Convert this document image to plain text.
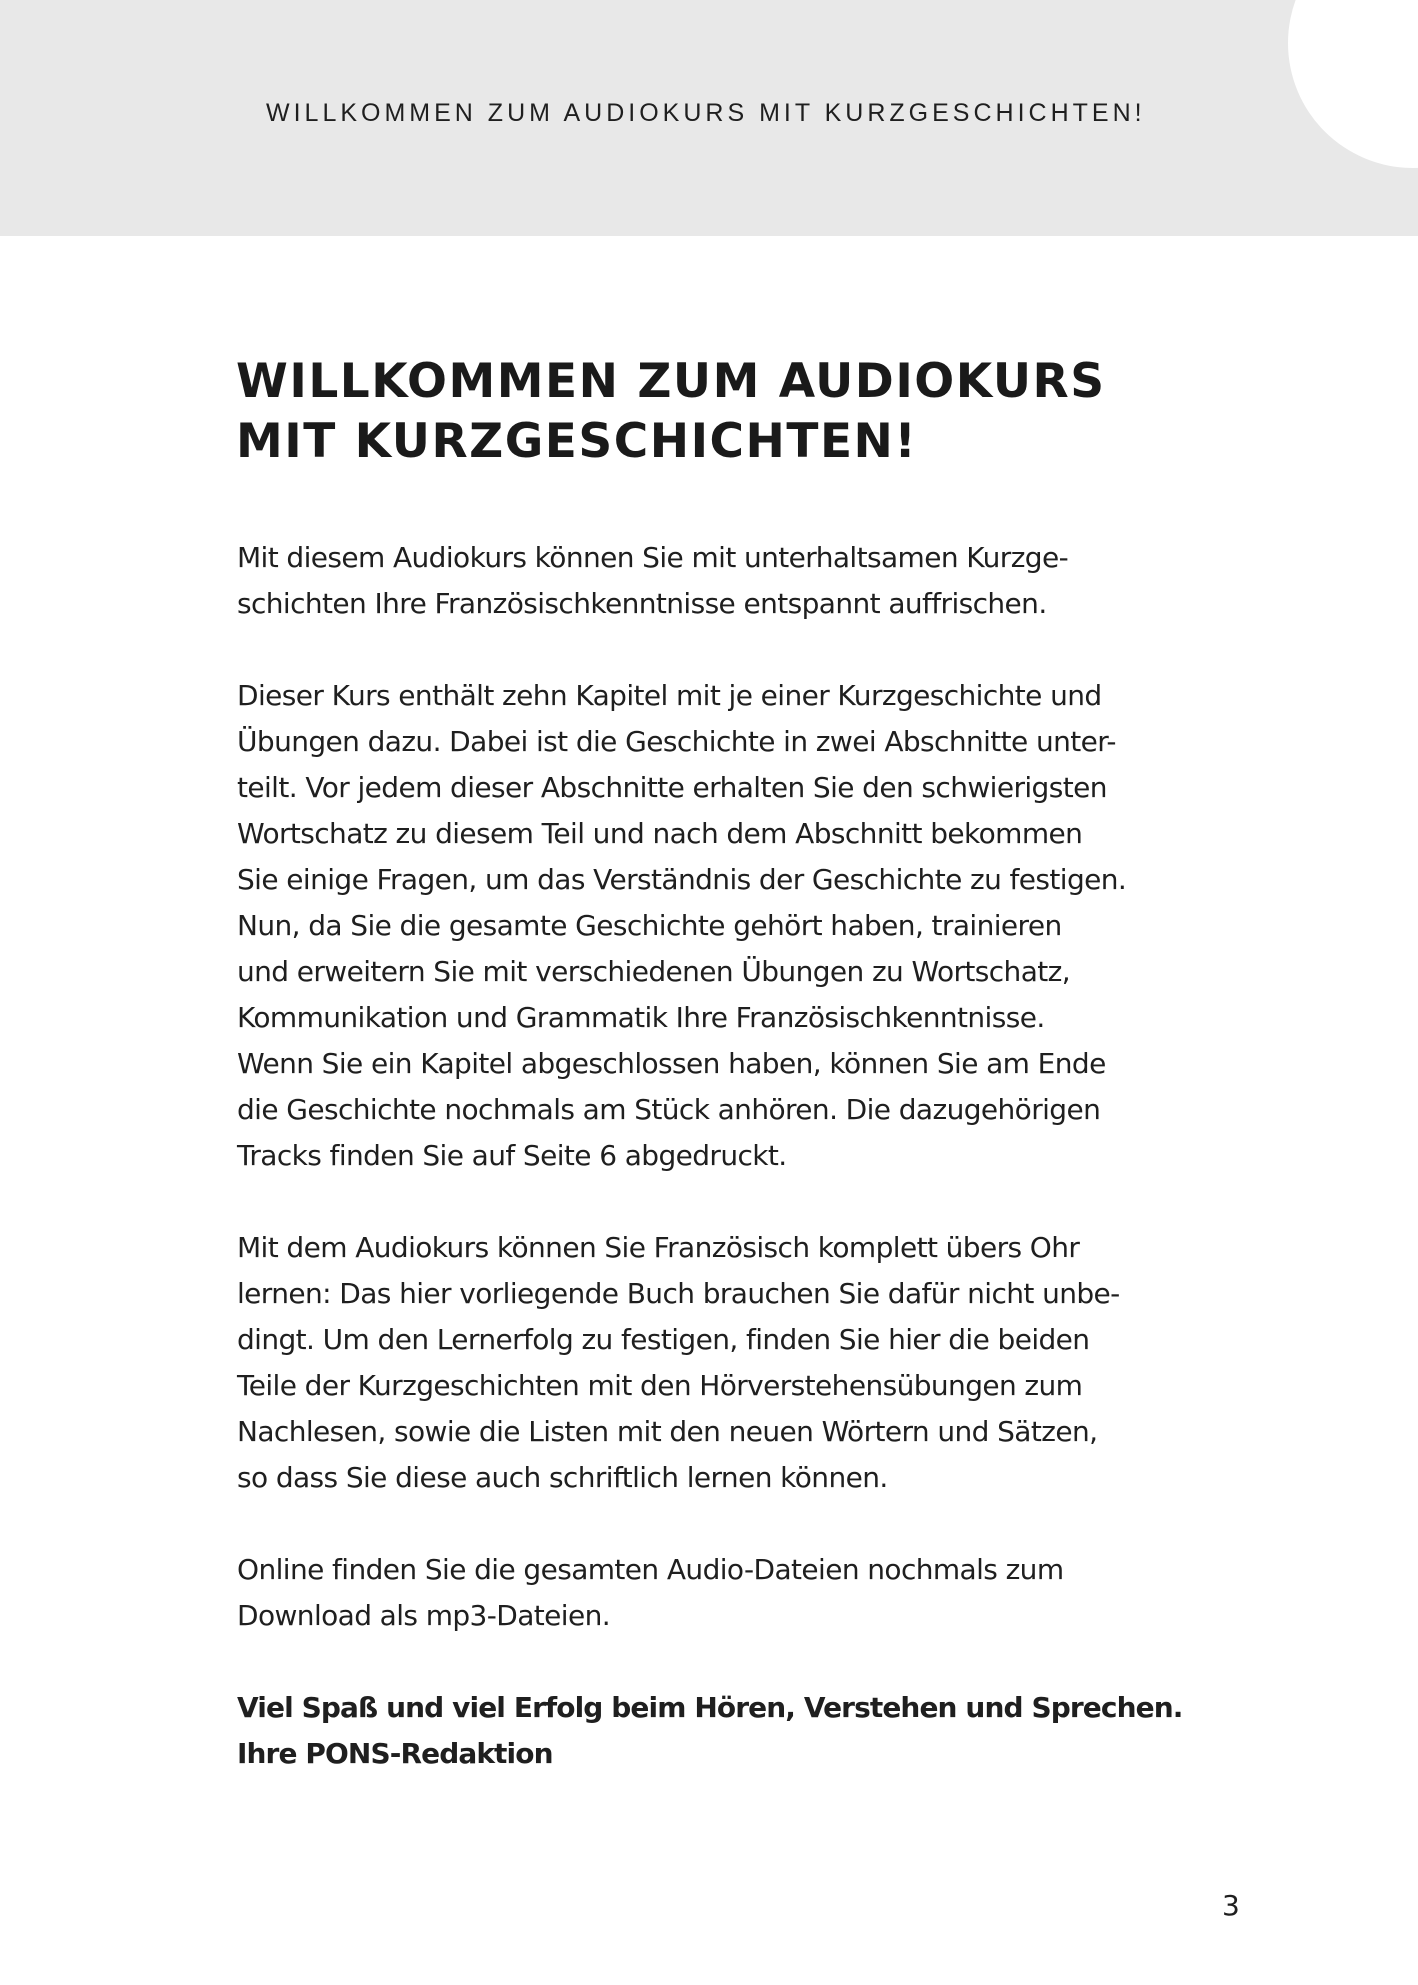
WILLKOMMEN ZUM AUDIOKURS MIT KURZGESCHICHTEN!

WILLKOMMEN ZUM AUDIOKURS
MIT KURZGESCHICHTEN!

Mit diesem Audiokurs können Sie mit unterhaltsamen Kurzge-
schichten Ihre Französischkenntnisse entspannt auffrischen.

Dieser Kurs enthält zehn Kapitel mit je einer Kurzgeschichte und
Übungen dazu. Dabei ist die Geschichte in zwei Abschnitte unter-
teilt. Vor jedem dieser Abschnitte erhalten Sie den schwierigsten
Wortschatz zu diesem Teil und nach dem Abschnitt bekommen
Sie einige Fragen, um das Verständnis der Geschichte zu festigen.
Nun, da Sie die gesamte Geschichte gehört haben, trainieren
und erweitern Sie mit verschiedenen Übungen zu Wortschatz,
Kommunikation und Grammatik Ihre Französischkenntnisse.
Wenn Sie ein Kapitel abgeschlossen haben, können Sie am Ende
die Geschichte nochmals am Stück anhören. Die dazugehörigen
Tracks finden Sie auf Seite 6 abgedruckt.

Mit dem Audiokurs können Sie Französisch komplett übers Ohr
lernen: Das hier vorliegende Buch brauchen Sie dafür nicht unbe-
dingt. Um den Lernerfolg zu festigen, finden Sie hier die beiden
Teile der Kurzgeschichten mit den Hörverstehensübungen zum
Nachlesen, sowie die Listen mit den neuen Wörtern und Sätzen,
so dass Sie diese auch schriftlich lernen können.

Online finden Sie die gesamten Audio-Dateien nochmals zum
Download als mp3-Dateien.

Viel Spaß und viel Erfolg beim Hören, Verstehen und Sprechen.
Ihre PONS-Redaktion

3
